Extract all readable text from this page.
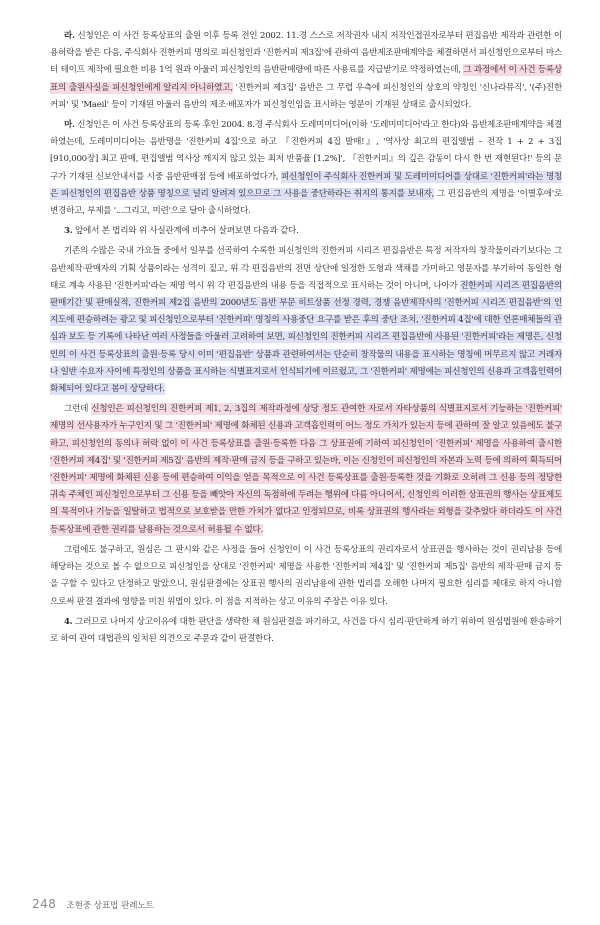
라. 신청인은 이 사건 등록상표의 출원 이후 등록 전인 2002. 11.경 스스로 저작권자 내지 저작인접권자로부터 편집음반 제작과 관련한 이용허락을 받은 다음, 주식회사 진한커피 명의로 피신청인과 '진한커피 제3집'에 관하여 음반제조판매계약을 체결하면서 피신청인으로부터 마스터 테이프 제작에 필요한 비용 1억 원과 아울러 피신청인의 음반판매량에 따른 사용료를 지급받기로 약정하였는데, 그 과정에서 이 사건 등록상표의 출원사실을 피신청인에게 알리지 아니하였고, '진한커피 제3집' 음반은 그 무렵 우측에 피신청인의 상호의 약칭인 '신나라뮤직', '(주)진한커피' 및 'Maeil' 등이 기재된 아울러 음반의 제조·배포자가 피신청인임을 표시하는 영문이 기재된 상태로 출시되었다.

마. 신청인은 이 사건 등록상표의 등록 후인 2004. 8.경 주식회사 도레미미디어(이하 '도레미미디어'라고 한다)와 음반제조판매계약을 체결하였는데, 도레미미디어는 음반명을 '진한커피 4집'으로 하고 『진한커피 4집 발매!』, '역사상 최고의 편집앨범 – 전작 1 + 2 + 3집 [910,000장] 최고 판매, 편집앨범 역사상 깨지지 않고 있는 최저 반품율 [1.2%]', 『진한커피』의 깊은 감동이 다시 한 번 재현된다!' 등의 문구가 기재된 신보안내서를 시중 음반판매점 등에 배포하였다가, 피신청인이 주식회사 진한커피 및 도레미미디어를 상대로 '진한커피'라는 명칭은 피신청인의 편집음반 상품 명칭으로 널리 알려져 있으므로 그 사용을 중단하라는 취지의 통지를 보내자, 그 편집음반의 제명을 '이별후애'로 변경하고, 부제를 '...그리고, 미련'으로 달아 출시하였다.

3. 앞에서 본 법리와 위 사실관계에 비추어 살펴보면 다음과 같다.

기존의 수많은 국내 가요들 중에서 일부를 선곡하여 수록한 피신청인의 진한커피 시리즈 편집음반은 특정 저작자의 창작물이라기보다는 그 음반제작·판매자의 기획 상품이라는 성격이 짙고, 위 각 편집음반의 전면 상단에 일정한 도형과 색채를 가미하고 영문자를 부기하여 동일한 형태로 계속 사용된 '진한커피'라는 제명 역시 위 각 편집음반의 내용 등을 직접적으로 표시하는 것이 아니며, 나아가 진한커피 시리즈 편집음반의 판매기간 및 판매실적, 진한커피 제2집 음반의 2000년도 음반 부문 히트상품 선정 경력, 경쟁 음반제작사의 '진한커피 시리즈 편집음반'의 인지도에 편승하려는 광고 및 피신청인으로부터 '진한커피' 명칭의 사용중단 요구를 받은 후의 중단 조치, '진한커피 4집'에 대한 언론매체들의 관심과 보도 등 기록에 나타난 여러 사정들을 아울러 고려하여 보면, 피신청인의 진한커피 시리즈 편집음반에 사용된 '진한커피'라는 제명은, 신청인의 이 사건 등록상표의 출원·등록 당시 이미 '편집음반' 상품과 관련하여서는 단순히 창작물의 내용을 표시하는 명칭에 머무르지 않고 거래자나 일반 수요자 사이에 특정인의 상품을 표시하는 식별표지로서 인식되기에 이르렀고, 그 '진한커피' 제명에는 피신청인의 신용과 고객흡인력이 화체되어 있다고 봄이 상당하다.

그런데 신청인은 피신청인의 진한커피 제1, 2, 3집의 제작과정에 상당 정도 관여한 자로서 자타상품의 식별표지로서 기능하는 '진한커피' 제명의 선사용자가 누구인지 및 그 '진한커피' 제명에 화체된 신용과 고객흡인력이 어느 정도 가치가 있는지 등에 관하여 잘 알고 있음에도 불구하고, 피신청인의 동의나 허락 없이 이 사건 등록상표를 출원·등록한 다음 그 상표권에 기하여 피신청인이 '진한커피' 제명을 사용하여 출시한 '진한커피 제4집' 및 '진한커피 제5집' 음반의 제작·판매 금지 등을 구하고 있는바, 이는 신청인이 피신청인의 자본과 노력 등에 의하여 획득되어 '진한커피' 제명에 화체된 신용 등에 편승하여 이익을 얻을 목적으로 이 사건 등록상표를 출원·등록한 것을 기화로 오히려 그 신용 등의 정당한 귀속 주체인 피신청인으로부터 그 신용 등을 빼앗아 자신의 독점하에 두려는 행위에 다름 아니어서, 신청인의 이러한 상표권의 행사는 상표제도의 목적이나 기능을 일탈하고 법적으로 보호받을 만한 가치가 없다고 인정되므로, 비록 상표권의 행사라는 외형을 갖추었다 하더라도 이 사건 등록상표에 관한 권리를 남용하는 것으로서 허용될 수 없다.

그럼에도 불구하고, 원심은 그 판시와 같은 사정을 들어 신청인이 이 사건 등록상표의 권리자로서 상표권을 행사하는 것이 권리남용 등에 해당하는 것으로 볼 수 없으므로 피신청인을 상대로 '진한커피' 제명을 사용한 '진한커피 제4집' 및 '진한커피 제5집' 음반의 제작·판매 금지 등을 구할 수 있다고 단정하고 말았으니, 원심판결에는 상표권 행사의 권리남용에 관한 법리를 오해한 나머지 필요한 심리를 제대로 하지 아니함으로써 판결 결과에 영향을 미친 위법이 있다. 이 점을 지적하는 상고 이유의 주장은 이유 있다.

4. 그러므로 나머지 상고이유에 대한 판단을 생략한 채 원심판결을 파기하고, 사건을 다시 심리·판단하게 하기 위하여 원심법원에 환송하기로 하여 관여 대법관의 일치된 의견으로 주문과 같이 판결한다.

248 조현중 상표법 판례노트
